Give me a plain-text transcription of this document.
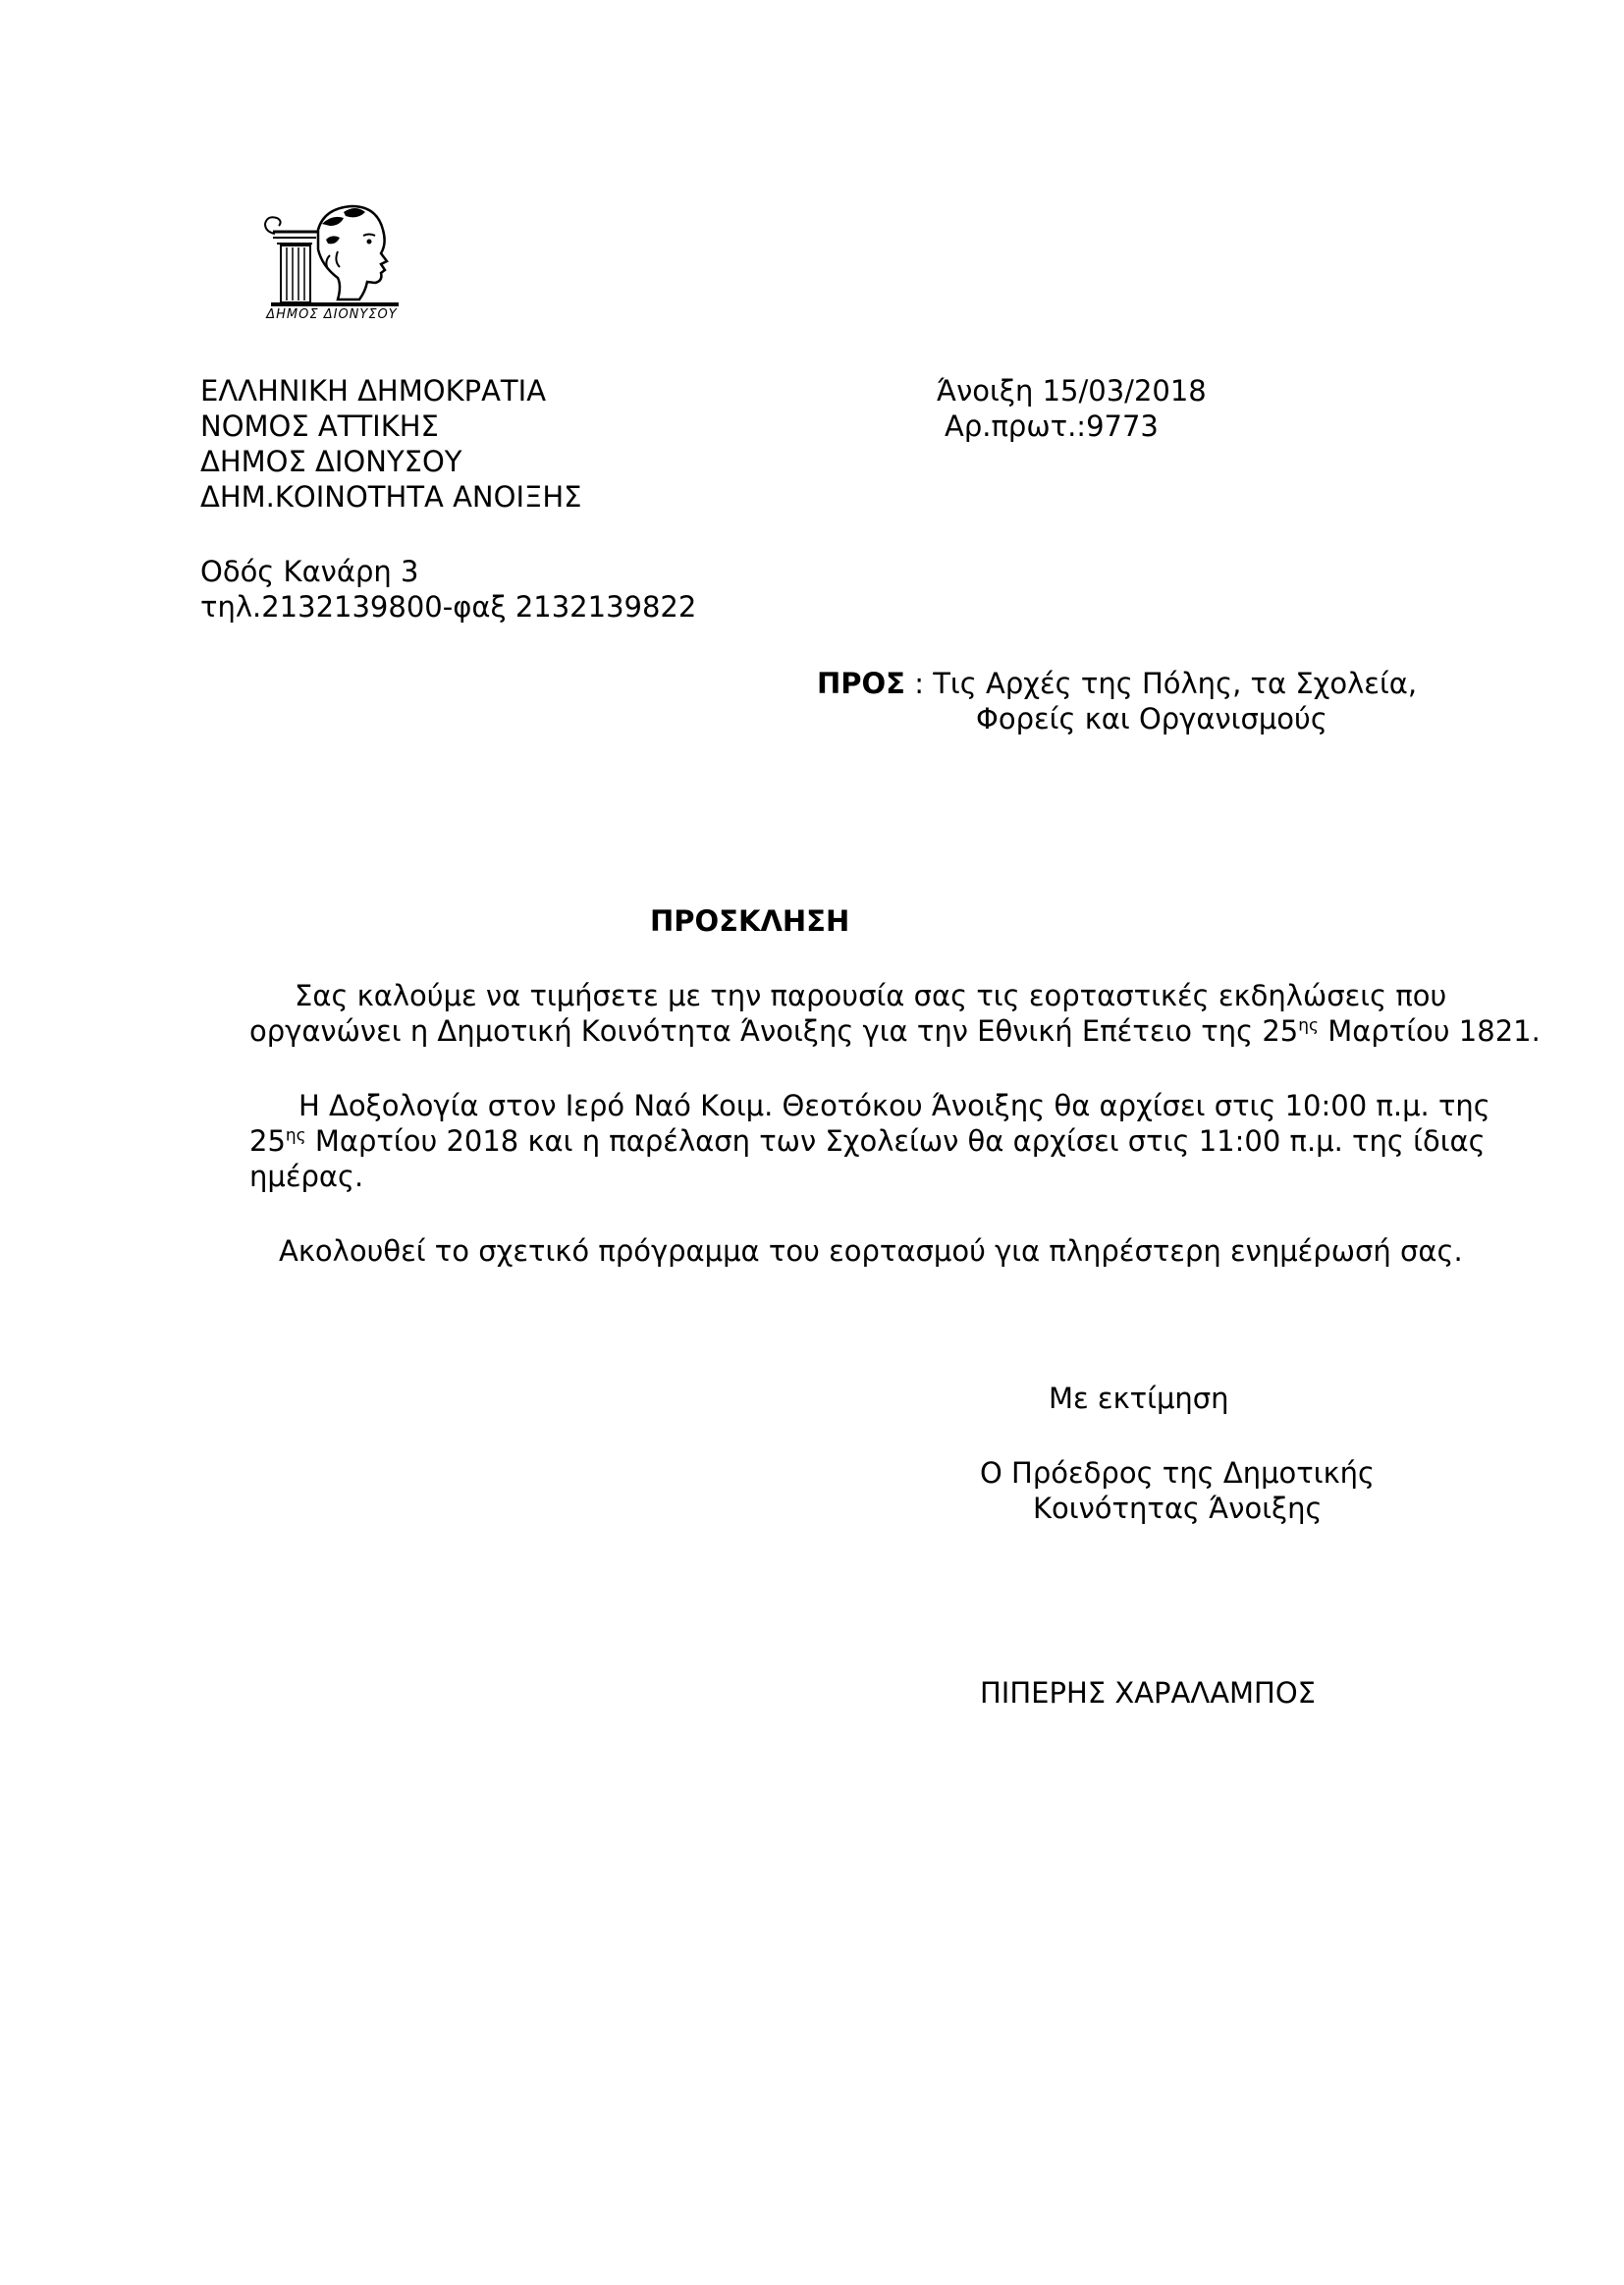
ΔΗΜΟΣ ΔΙΟΝΥΣΟΥ
ΕΛΛΗΝΙΚΗ ΔΗΜΟΚΡΑΤΙΑ
ΝΟΜΟΣ ΑΤΤΙΚΗΣ
ΔΗΜΟΣ ΔΙΟΝΥΣΟΥ
ΔΗΜ.ΚΟΙΝΟΤΗΤΑ ΑΝΟΙΞΗΣ
Οδός Κανάρη 3
τηλ.2132139800-φαξ 2132139822
Άνοιξη 15/03/2018
Αρ.πρωτ.:9773
ΠΡΟΣ : Τις Αρχές της Πόλης, τα Σχολεία,
Φορείς και Οργανισμούς
ΠΡΟΣΚΛΗΣΗ
Σας καλούμε να τιμήσετε με την παρουσία σας τις εορταστικές εκδηλώσεις που
οργανώνει η Δημοτική Κοινότητα Άνοιξης για την Εθνική Επέτειο της $25^{\eta\varsigma}$ Μαρτίου 1821.
Η Δοξολογία στον Ιερό Ναό Κοιμ. Θεοτόκου Άνοιξης θα αρχίσει στις 10:00 π.μ. της
$25^{\eta\varsigma}$ Μαρτίου 2018 και η παρέλαση των Σχολείων θα αρχίσει στις 11:00 π.μ. της ίδιας
ημέρας.
Ακολουθεί το σχετικό πρόγραμμα του εορτασμού για πληρέστερη ενημέρωσή σας.
Με εκτίμηση
Ο Πρόεδρος της Δημοτικής
Κοινότητας Άνοιξης
ΠΙΠΕΡΗΣ ΧΑΡΑΛΑΜΠΟΣ
